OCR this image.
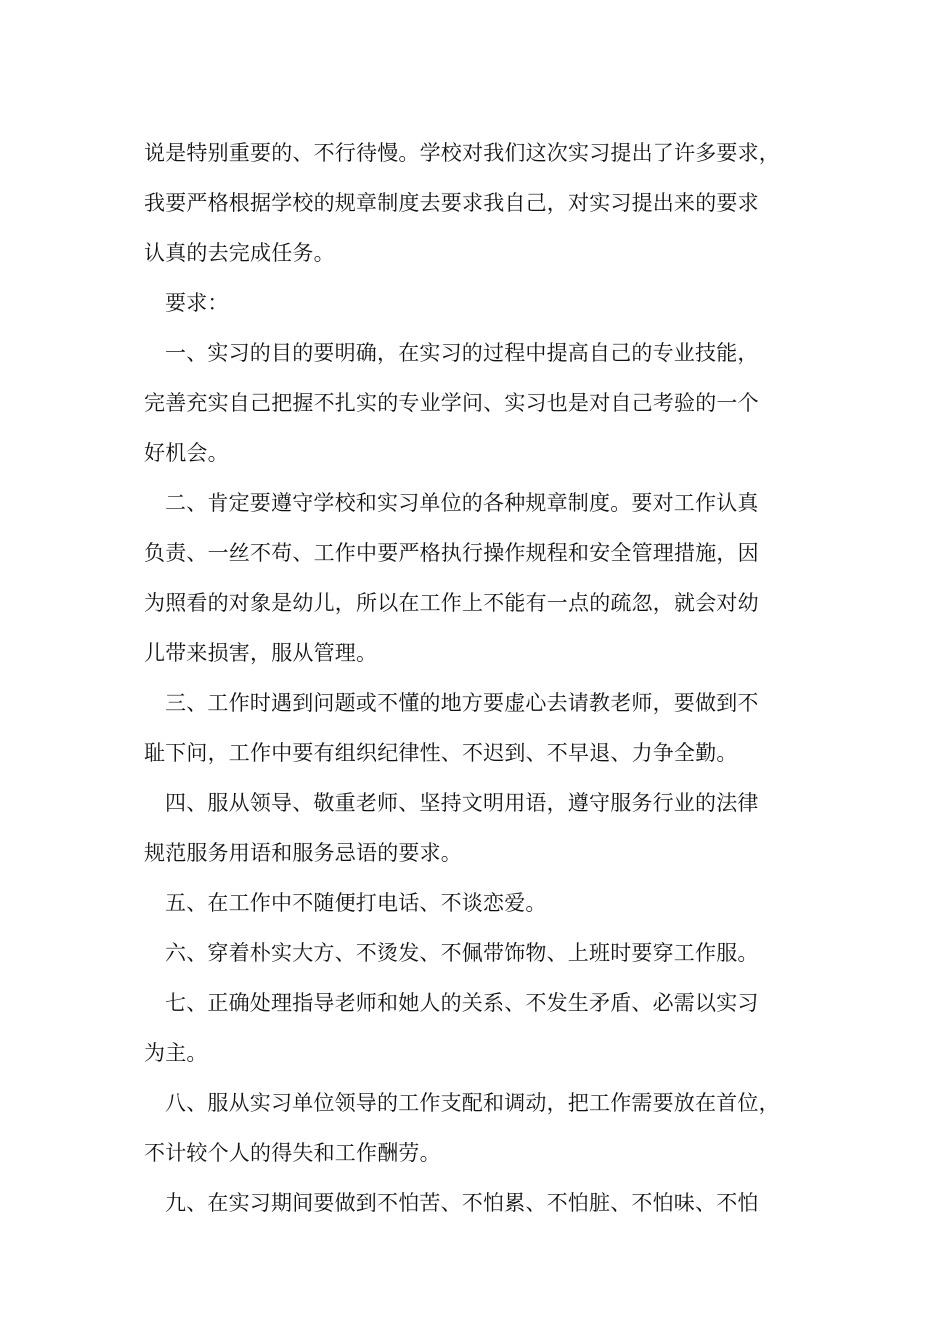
说是特别重要的、不行待慢。学校对我们这次实习提出了许多要求，
我要严格根据学校的规章制度去要求我自己，对实习提出来的要求
认真的去完成任务。
要求：
一、实习的目的要明确，在实习的过程中提高自己的专业技能，
完善充实自己把握不扎实的专业学问、实习也是对自己考验的一个
好机会。
二、肯定要遵守学校和实习单位的各种规章制度。要对工作认真
负责、一丝不苟、工作中要严格执行操作规程和安全管理措施，因
为照看的对象是幼儿，所以在工作上不能有一点的疏忽，就会对幼
儿带来损害，服从管理。
三、工作时遇到问题或不懂的地方要虚心去请教老师，要做到不
耻下问，工作中要有组织纪律性、不迟到、不早退、力争全勤。
四、服从领导、敬重老师、坚持文明用语，遵守服务行业的法律
规范服务用语和服务忌语的要求。
五、在工作中不随便打电话、不谈恋爱。
六、穿着朴实大方、不烫发、不佩带饰物、上班时要穿工作服。
七、正确处理指导老师和她人的关系、不发生矛盾、必需以实习
为主。
八、服从实习单位领导的工作支配和调动，把工作需要放在首位，
不计较个人的得失和工作酬劳。
九、在实习期间要做到不怕苦、不怕累、不怕脏、不怕味、不怕
